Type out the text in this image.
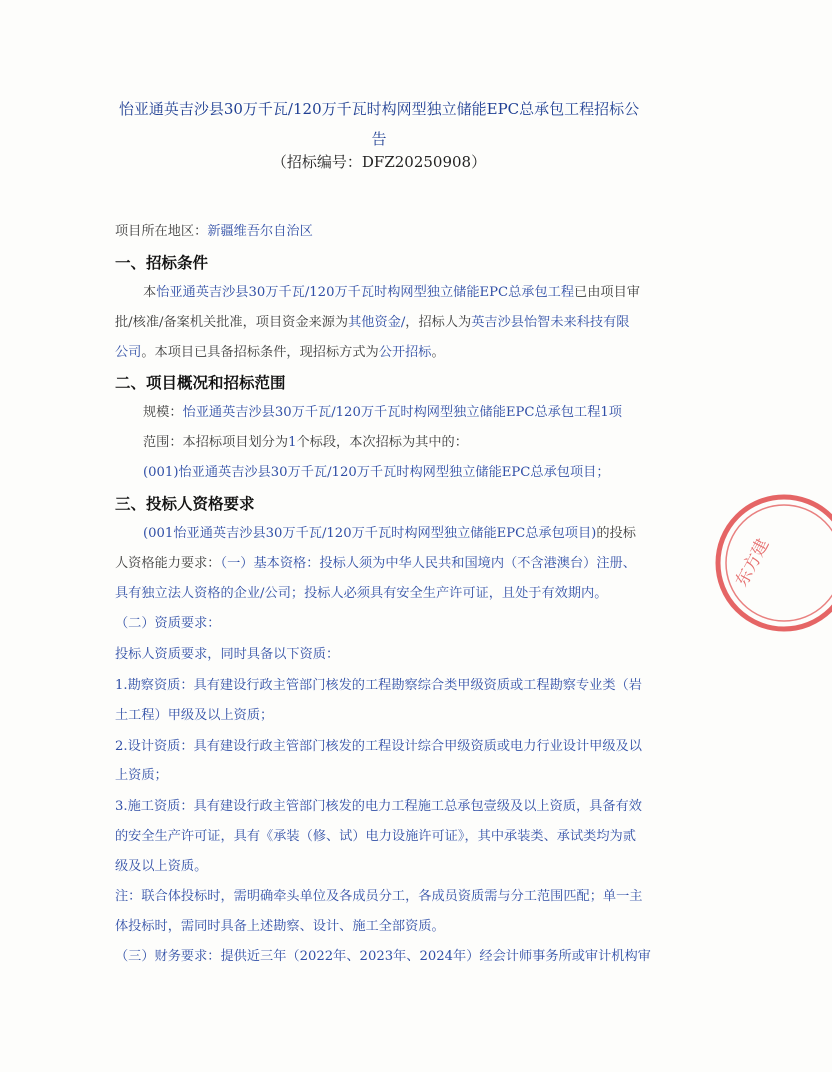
怡亚通英吉沙县30万千瓦/120万千瓦时构网型独立储能EPC总承包工程招标公
告
（招标编号：DFZ20250908）
项目所在地区：新疆维吾尔自治区
一、招标条件
本怡亚通英吉沙县30万千瓦/120万千瓦时构网型独立储能EPC总承包工程已由项目审
批/核准/备案机关批准，项目资金来源为其他资金/，招标人为英吉沙县怡智未来科技有限
公司。本项目已具备招标条件，现招标方式为公开招标。
二、项目概况和招标范围
规模：怡亚通英吉沙县30万千瓦/120万千瓦时构网型独立储能EPC总承包工程1项
范围：本招标项目划分为1个标段，本次招标为其中的：
(001)怡亚通英吉沙县30万千瓦/120万千瓦时构网型独立储能EPC总承包项目；
三、投标人资格要求
(001怡亚通英吉沙县30万千瓦/120万千瓦时构网型独立储能EPC总承包项目)的投标
人资格能力要求：（一）基本资格：投标人须为中华人民共和国境内（不含港澳台）注册、
具有独立法人资格的企业/公司；投标人必须具有安全生产许可证，且处于有效期内。
（二）资质要求：
投标人资质要求，同时具备以下资质：
1.勘察资质：具有建设行政主管部门核发的工程勘察综合类甲级资质或工程勘察专业类（岩
土工程）甲级及以上资质；
2.设计资质：具有建设行政主管部门核发的工程设计综合甲级资质或电力行业设计甲级及以
上资质；
3.施工资质：具有建设行政主管部门核发的电力工程施工总承包壹级及以上资质，具备有效
的安全生产许可证，具有《承装（修、试）电力设施许可证》，其中承装类、承试类均为贰
级及以上资质。
注：联合体投标时，需明确牵头单位及各成员分工，各成员资质需与分工范围匹配；单一主
体投标时，需同时具备上述勘察、设计、施工全部资质。
（三）财务要求：提供近三年（2022年、2023年、2024年）经会计师事务所或审计机构审
东方建
